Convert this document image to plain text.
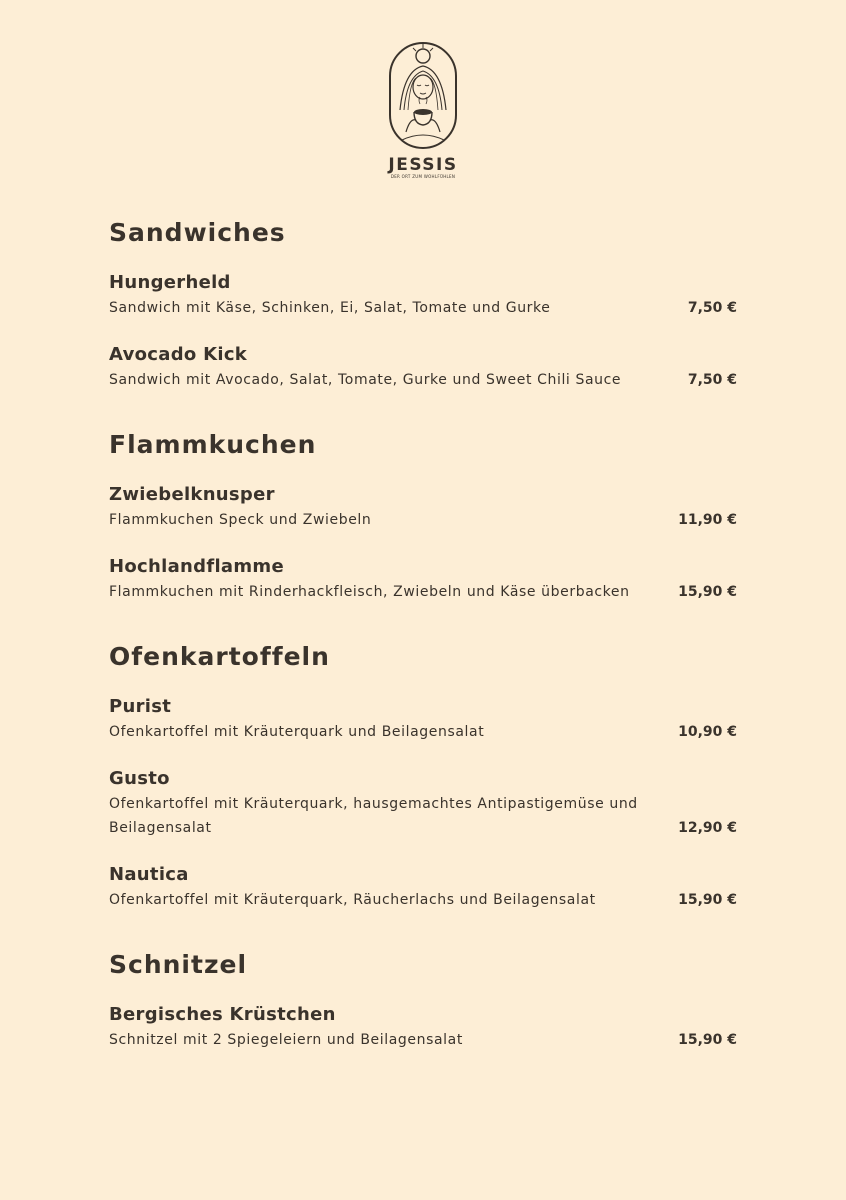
JESSIS
DER ORT ZUM WOHLFÜHLEN
Sandwiches
Hungerheld
Sandwich mit Käse, Schinken, Ei, Salat, Tomate und Gurke	7,50 €
Avocado Kick
Sandwich mit Avocado, Salat, Tomate, Gurke und Sweet Chili Sauce	7,50 €
Flammkuchen
Zwiebelknusper
Flammkuchen Speck und Zwiebeln	11,90 €
Hochlandflamme
Flammkuchen mit Rinderhackfleisch, Zwiebeln und Käse überbacken	15,90 €
Ofenkartoffeln
Purist
Ofenkartoffel mit Kräuterquark und Beilagensalat	10,90 €
Gusto
Ofenkartoffel mit Kräuterquark, hausgemachtes Antipastigemüse und Beilagensalat	12,90 €
Nautica
Ofenkartoffel mit Kräuterquark, Räucherlachs und Beilagensalat	15,90 €
Schnitzel
Bergisches Krüstchen
Schnitzel mit 2 Spiegeleiern und Beilagensalat	15,90 €
